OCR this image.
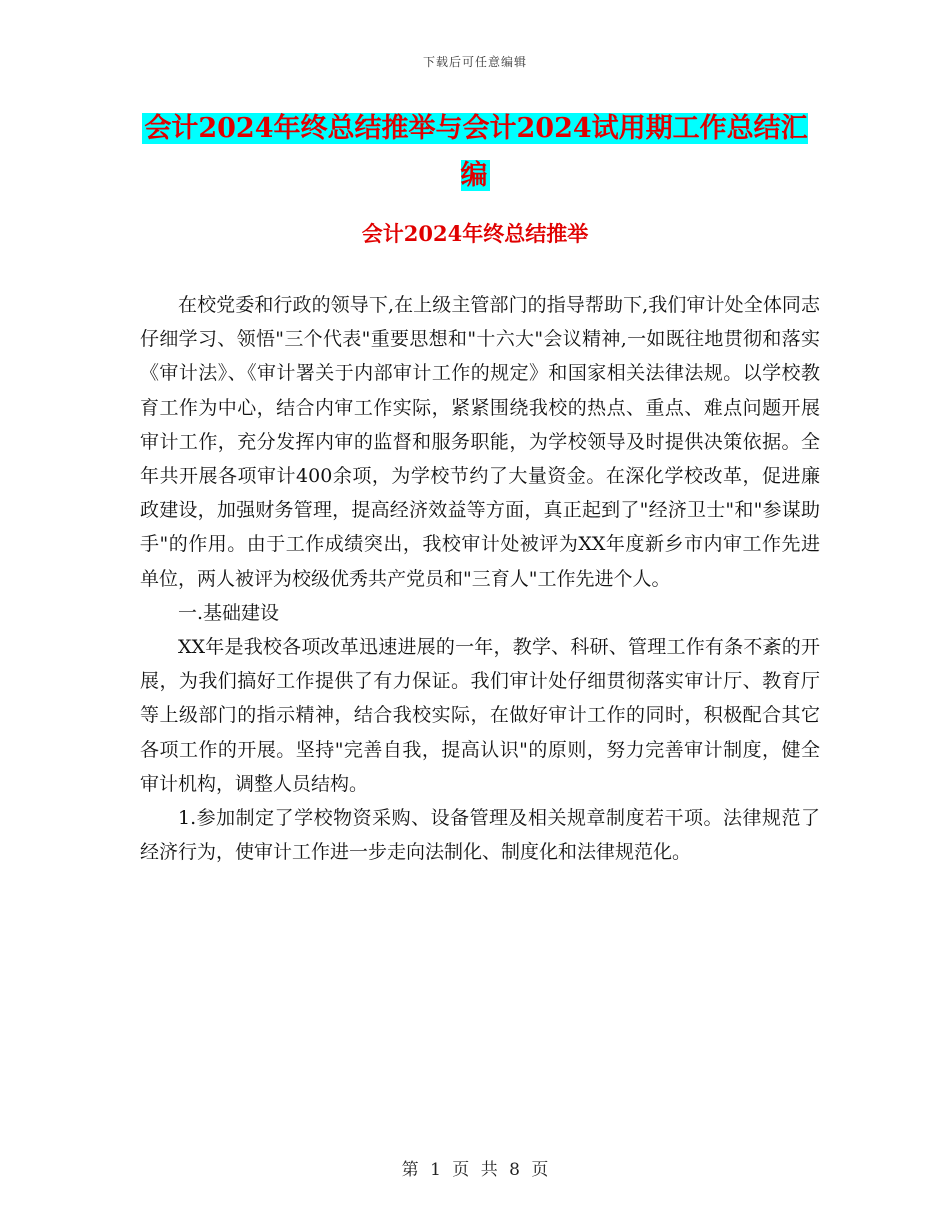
下载后可任意编辑
会计2024年终总结推举与会计2024试用期工作总结汇编
会计2024年终总结推举

在校党委和行政的领导下,在上级主管部门的指导帮助下,我们审计处全体同志仔细学习、领悟"三个代表"重要思想和"十六大"会议精神,一如既往地贯彻和落实《审计法》、《审计署关于内部审计工作的规定》和国家相关法律法规。以学校教育工作为中心，结合内审工作实际，紧紧围绕我校的热点、重点、难点问题开展审计工作，充分发挥内审的监督和服务职能，为学校领导及时提供决策依据。全年共开展各项审计400余项，为学校节约了大量资金。在深化学校改革，促进廉政建设，加强财务管理，提高经济效益等方面，真正起到了"经济卫士"和"参谋助手"的作用。由于工作成绩突出，我校审计处被评为XX年度新乡市内审工作先进单位，两人被评为校级优秀共产党员和"三育人"工作先进个人。

一.基础建设

XX年是我校各项改革迅速进展的一年，教学、科研、管理工作有条不紊的开展，为我们搞好工作提供了有力保证。我们审计处仔细贯彻落实审计厅、教育厅等上级部门的指示精神，结合我校实际，在做好审计工作的同时，积极配合其它各项工作的开展。坚持"完善自我，提高认识"的原则，努力完善审计制度，健全审计机构，调整人员结构。

1.参加制定了学校物资采购、设备管理及相关规章制度若干项。法律规范了经济行为，使审计工作进一步走向法制化、制度化和法律规范化。

第 1 页 共 8 页
